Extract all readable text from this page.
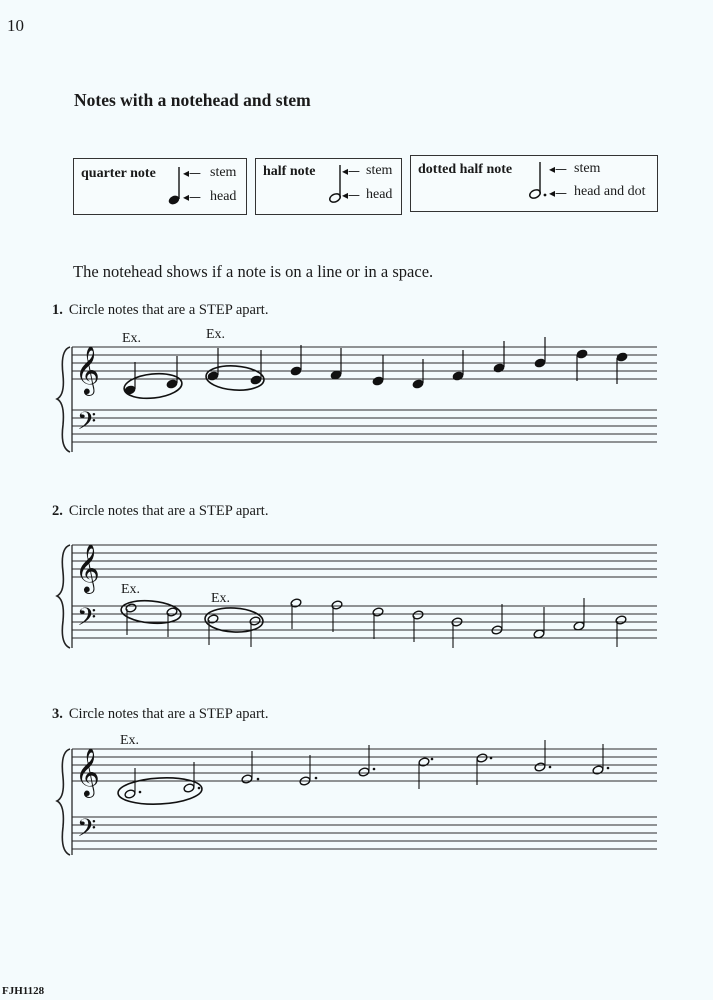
10
Notes with a notehead and stem
quarter note ◂—
◂—
stem
head
half note ◂—
◂—
stem
head
dotted half note	◂—
◂—
stem
head and dot
The notehead shows if a note is on a line or in a space.
1. Circle notes that are a STEP apart.
2. Circle notes that are a STEP apart.
3. Circle notes that are a STEP apart.
Ex.	Ex.
Ex.
Ex.
Ex.
𝄞
𝄢
𝄞
𝄢
𝄞
𝄢
FJH1128
